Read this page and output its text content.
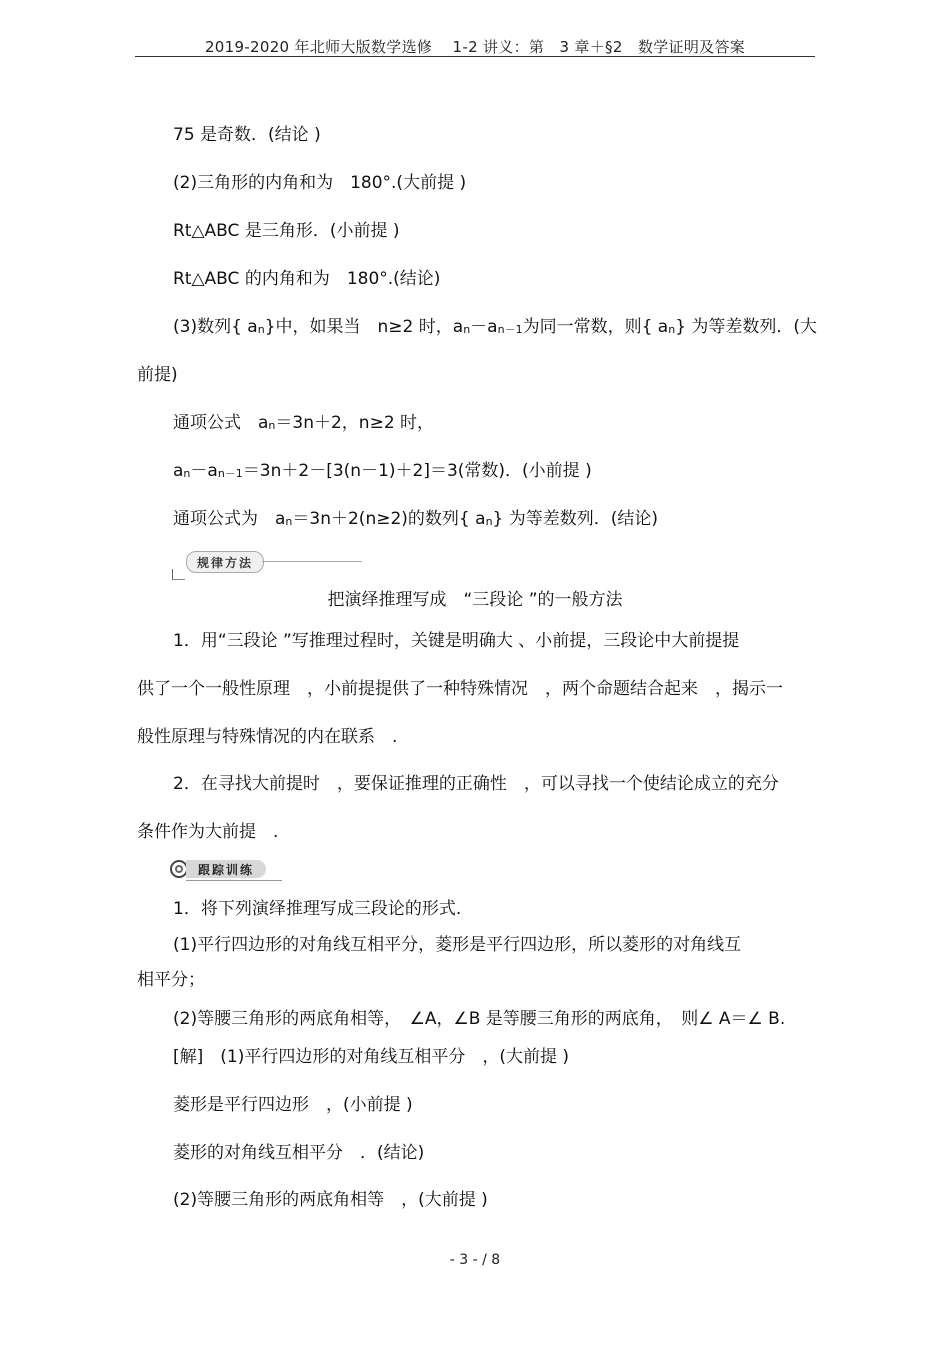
2019-2020 年北师大版数学选修　 1-2 讲义：第　3 章＋§2　数学证明及答案
75 是奇数．(结论 )
(2)三角形的内角和为　180°.(大前提 )
Rt△ABC 是三角形．(小前提 )
Rt△ABC 的内角和为　180°.(结论)
(3)数列{ an}中，如果当　n≥2 时，an－an－1为同一常数，则{ an} 为等差数列．(大
前提)
通项公式　an＝3n＋2，n≥2 时，
an－an－1＝3n＋2－[3(n－1)＋2]＝3(常数)．(小前提 )
通项公式为　an＝3n＋2(n≥2)的数列{ an} 为等差数列．(结论)
规律方法
把演绎推理写成　“三段论 ”的一般方法
1．用“三段论 ”写推理过程时，关键是明确大 、小前提，三段论中大前提提
供了一个一般性原理　，小前提提供了一种特殊情况　，两个命题结合起来　，揭示一
般性原理与特殊情况的内在联系　.
2．在寻找大前提时　，要保证推理的正确性　，可以寻找一个使结论成立的充分
条件作为大前提　.
跟踪训练
1．将下列演绎推理写成三段论的形式.
(1)平行四边形的对角线互相平分，菱形是平行四边形，所以菱形的对角线互
相平分；
(2)等腰三角形的两底角相等，　∠A，∠B 是等腰三角形的两底角，　则∠ A＝∠ B.
[解]　(1)平行四边形的对角线互相平分　，(大前提 )
菱形是平行四边形　，(小前提 )
菱形的对角线互相平分　．(结论)
(2)等腰三角形的两底角相等　，(大前提 )
- 3 - / 8
